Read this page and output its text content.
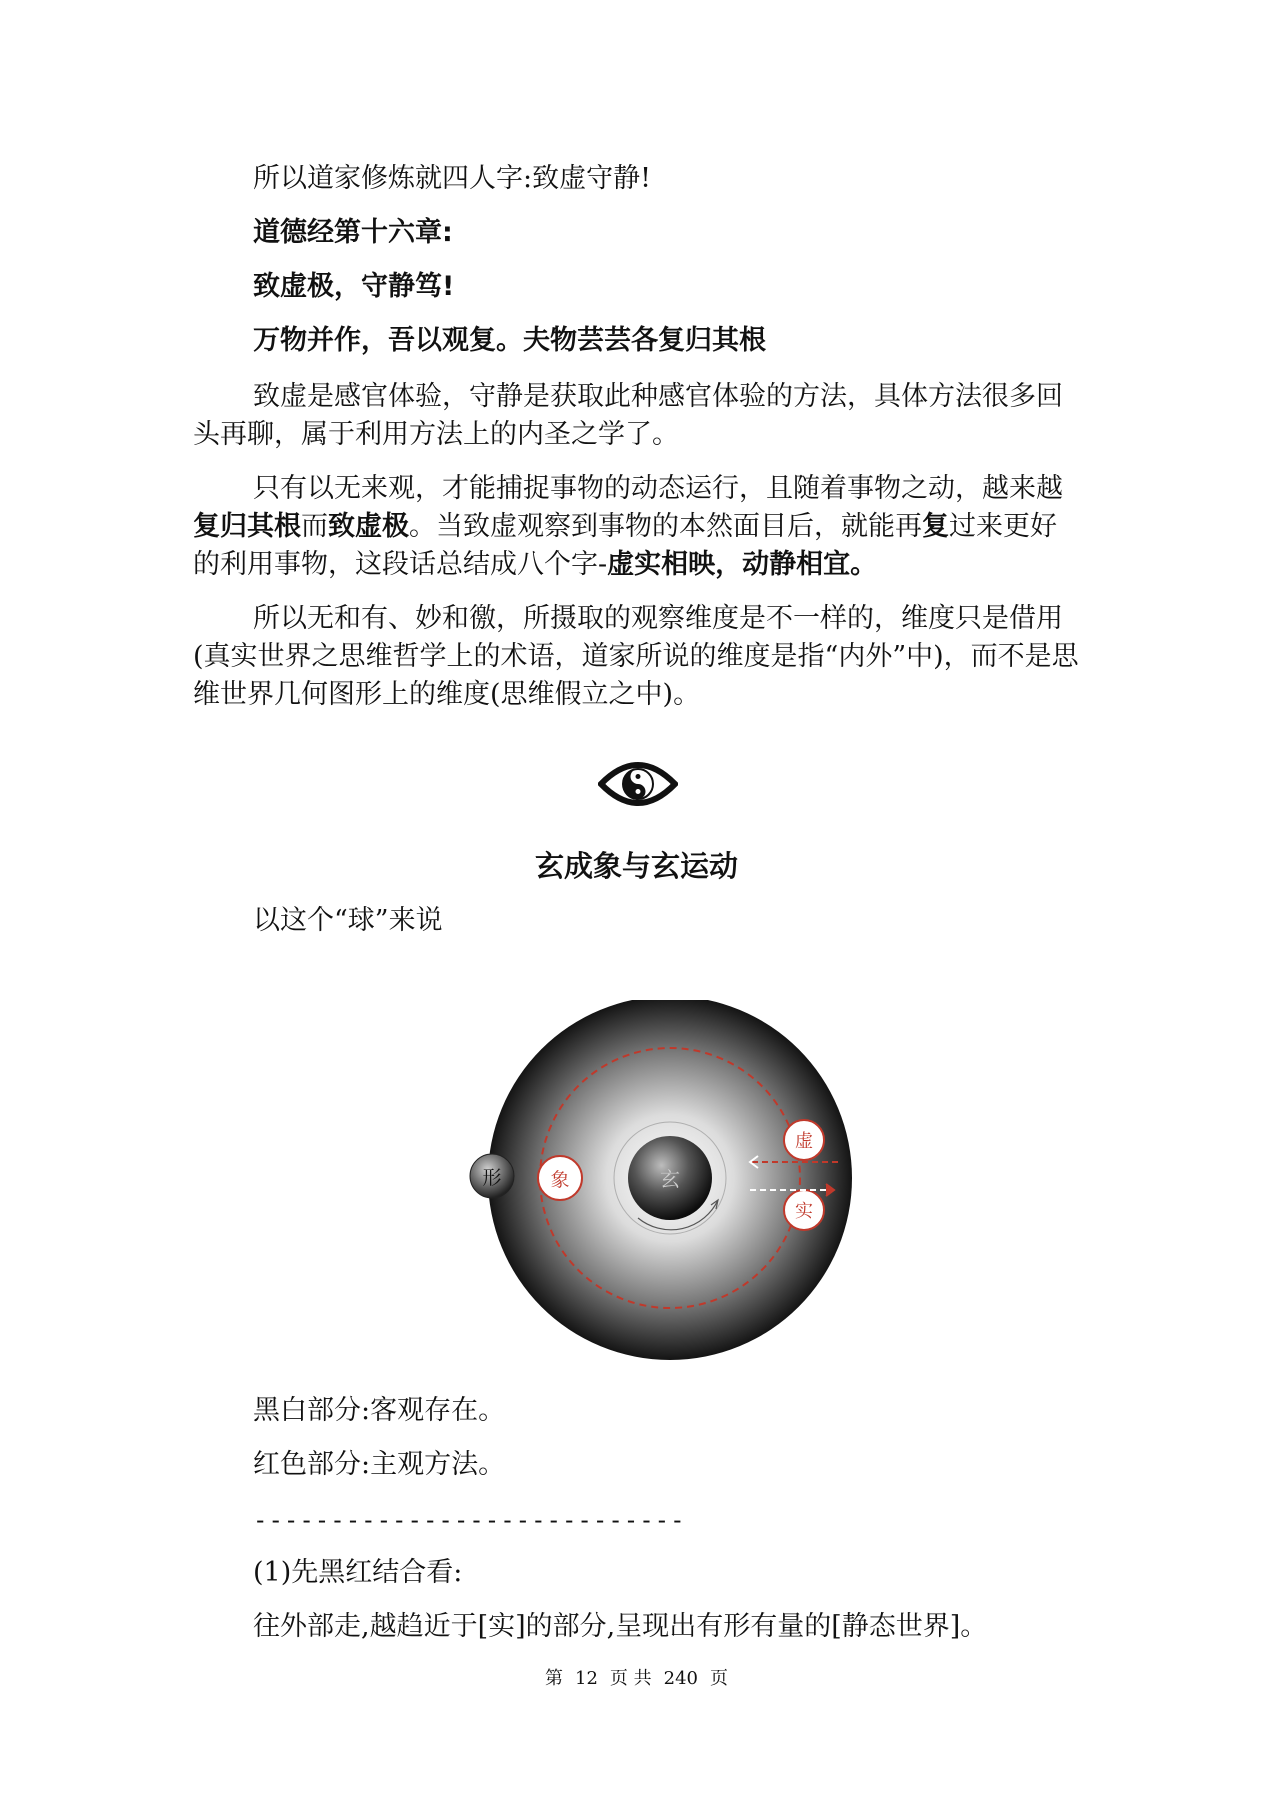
所以道家修炼就四人字:致虚守静!

道德经第十六章:

致虚极，守静笃!

万物并作，吾以观复。夫物芸芸各复归其根

致虚是感官体验，守静是获取此种感官体验的方法，具体方法很多回头再聊，属于利用方法上的内圣之学了。

只有以无来观，才能捕捉事物的动态运行，且随着事物之动，越来越复归其根而致虚极。当致虚观察到事物的本然面目后，就能再复过来更好的利用事物，这段话总结成八个字-虚实相映，动静相宜。

所以无和有、妙和徼，所摄取的观察维度是不一样的，维度只是借用(真实世界之思维哲学上的术语，道家所说的维度是指“内外”中)，而不是思维世界几何图形上的维度(思维假立之中)。

玄成象与玄运动

以这个“球”来说

玄
形	象
虚
实

黑白部分:客观存在。

红色部分:主观方法。

----------------------------

(1)先黑红结合看:

往外部走,越趋近于[实]的部分,呈现出有形有量的[静态世界]。

第 12 页 共 240 页
